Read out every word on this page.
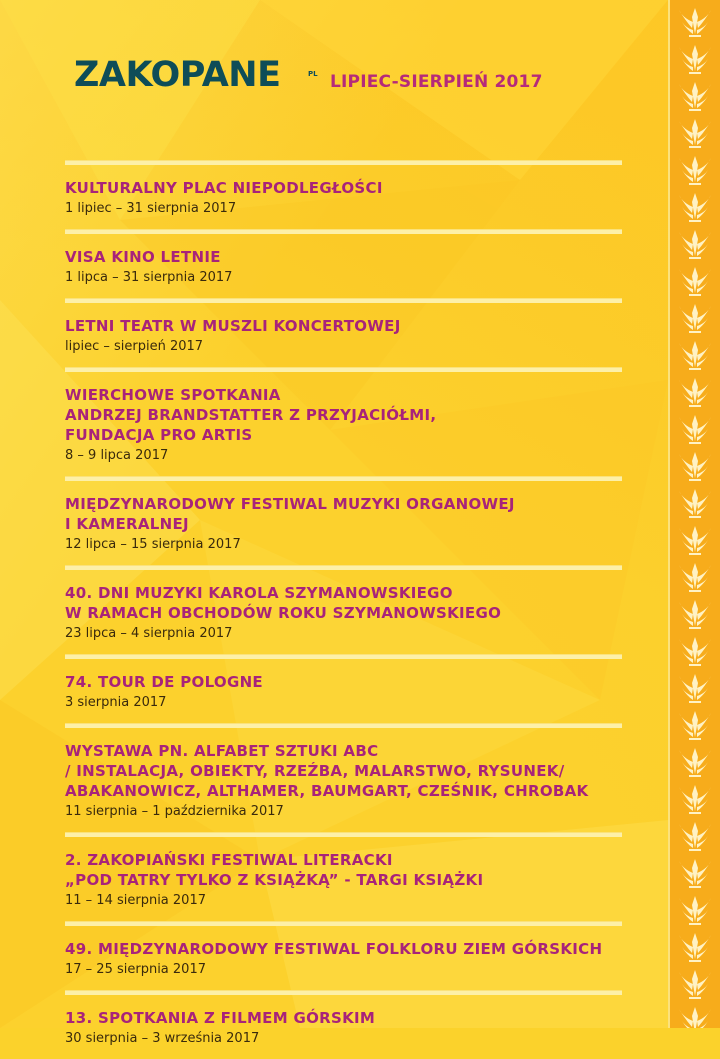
ZAKOPANE	PL LIPIEC-SIERPIEŃ 2017
KULTURALNY PLAC NIEPODLEGŁOŚCI
1 lipiec – 31 sierpnia 2017
VISA KINO LETNIE
1 lipca – 31 sierpnia 2017
LETNI TEATR W MUSZLI KONCERTOWEJ
lipiec – sierpień 2017
WIERCHOWE SPOTKANIA
ANDRZEJ BRANDSTATTER Z PRZYJACIÓŁMI,
FUNDACJA PRO ARTIS
8 – 9 lipca 2017
MIĘDZYNARODOWY FESTIWAL MUZYKI ORGANOWEJ
I KAMERALNEJ
12 lipca – 15 sierpnia 2017
40. DNI MUZYKI KAROLA SZYMANOWSKIEGO
W RAMACH OBCHODÓW ROKU SZYMANOWSKIEGO
23 lipca – 4 sierpnia 2017
74. TOUR DE POLOGNE
3 sierpnia 2017
WYSTAWA PN. ALFABET SZTUKI ABC
/ INSTALACJA, OBIEKTY, RZEŹBA, MALARSTWO, RYSUNEK/
ABAKANOWICZ, ALTHAMER, BAUMGART, CZEŚNIK, CHROBAK
11 sierpnia – 1 października 2017
2. ZAKOPIAŃSKI FESTIWAL LITERACKI
„POD TATRY TYLKO Z KSIĄŻKĄ” - TARGI KSIĄŻKI
11 – 14 sierpnia 2017
49. MIĘDZYNARODOWY FESTIWAL FOLKLORU ZIEM GÓRSKICH
17 – 25 sierpnia 2017
13. SPOTKANIA Z FILMEM GÓRSKIM
30 sierpnia – 3 września 2017
